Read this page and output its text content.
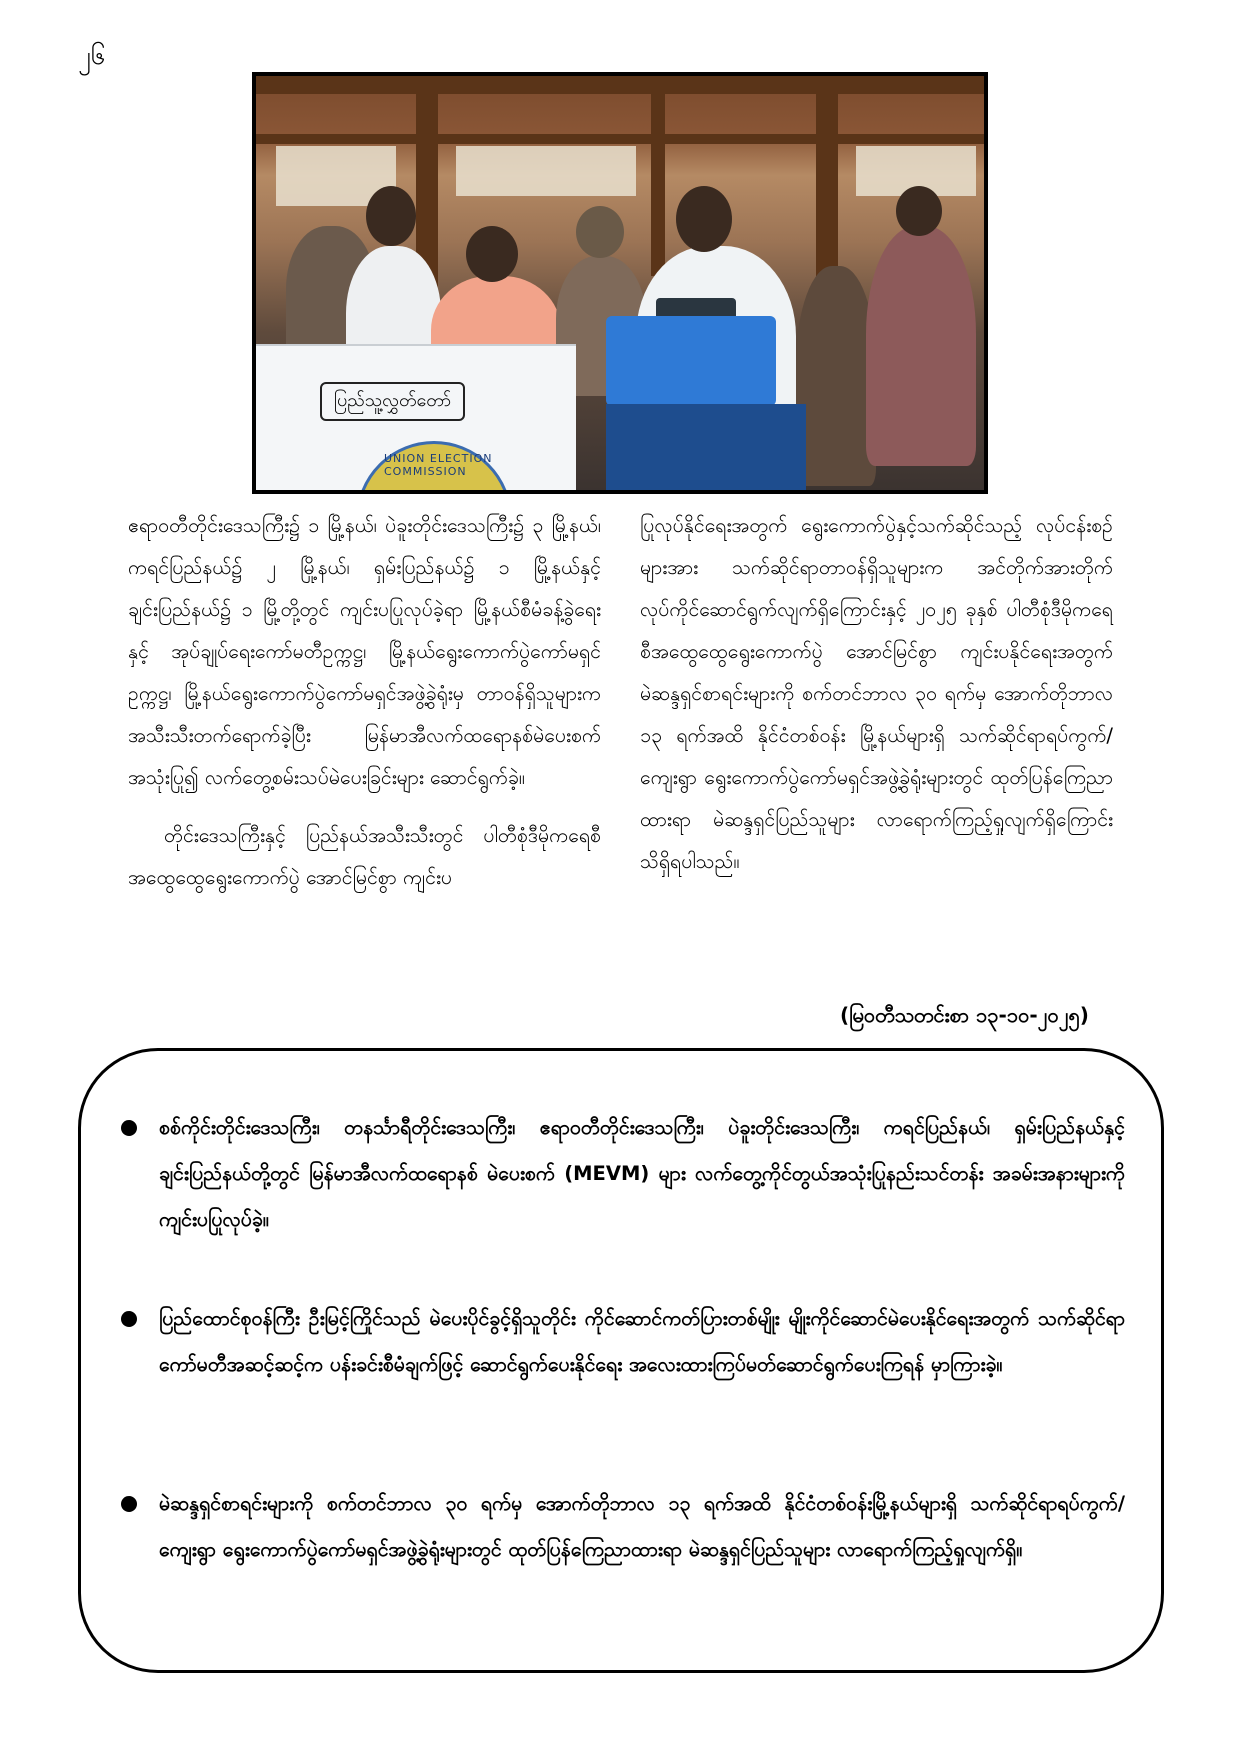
၂၆
ပြည်သူ့လွှတ်တော်
UNION ELECTION COMMISSION

ဧရာဝတီတိုင်းဒေသကြီး၌ ၁ မြို့နယ်၊ ပဲခူးတိုင်းဒေသကြီး၌ ၃ မြို့နယ်၊ ကရင်ပြည်နယ်၌ ၂ မြို့နယ်၊ ရှမ်းပြည်နယ်၌ ၁ မြို့နယ်နှင့် ချင်းပြည်နယ်၌ ၁ မြို့တို့တွင် ကျင်းပပြုလုပ်ခဲ့ရာ မြို့နယ်စီမံခန့်ခွဲရေးနှင့် အုပ်ချုပ်ရေးကော်မတီဥက္ကဋ္ဌ၊ မြို့နယ်ရွေးကောက်ပွဲကော်မရှင်ဥက္ကဋ္ဌ၊ မြို့နယ်ရွေးကောက်ပွဲကော်မရှင်အဖွဲ့ခွဲရုံးမှ တာဝန်ရှိသူများက အသီးသီးတက်ရောက်ခဲ့ပြီး မြန်မာအီလက်ထရောနစ်မဲပေးစက်အသုံးပြု၍ လက်တွေ့စမ်းသပ်မဲပေးခြင်းများ ဆောင်ရွက်ခဲ့။

တိုင်းဒေသကြီးနှင့် ပြည်နယ်အသီးသီးတွင် ပါတီစုံဒီမိုကရေစီအထွေထွေရွေးကောက်ပွဲ အောင်မြင်စွာ ကျင်းပ

ပြုလုပ်နိုင်ရေးအတွက် ရွေးကောက်ပွဲနှင့်သက်ဆိုင်သည့် လုပ်ငန်းစဉ်များအား သက်ဆိုင်ရာတာဝန်ရှိသူများက အင်တိုက်အားတိုက် လုပ်ကိုင်ဆောင်ရွက်လျက်ရှိကြောင်းနှင့် ၂၀၂၅ ခုနှစ် ပါတီစုံဒီမိုကရေစီအထွေထွေရွေးကောက်ပွဲ အောင်မြင်စွာ ကျင်းပနိုင်ရေးအတွက် မဲဆန္ဒရှင်စာရင်းများကို စက်တင်ဘာလ ၃၀ ရက်မှ အောက်တိုဘာလ ၁၃ ရက်အထိ နိုင်ငံတစ်ဝန်း မြို့နယ်များရှိ သက်ဆိုင်ရာရပ်ကွက်/ကျေးရွာ ရွေးကောက်ပွဲကော်မရှင်အဖွဲ့ခွဲရုံးများတွင် ထုတ်ပြန်ကြေညာထားရာ မဲဆန္ဒရှင်ပြည်သူများ လာရောက်ကြည့်ရှုလျက်ရှိကြောင်း သိရှိရပါသည်။

(မြဝတီသတင်းစာ ၁၃-၁၀-၂၀၂၅)
စစ်ကိုင်းတိုင်းဒေသကြီး၊ တနင်္သာရီတိုင်းဒေသကြီး၊ ဧရာဝတီတိုင်းဒေသကြီး၊ ပဲခူးတိုင်းဒေသကြီး၊ ကရင်ပြည်နယ်၊ ရှမ်းပြည်နယ်နှင့် ချင်းပြည်နယ်တို့တွင် မြန်မာအီလက်ထရောနစ် မဲပေးစက် (MEVM) များ လက်တွေ့ကိုင်တွယ်အသုံးပြုနည်းသင်တန်း အခမ်းအနားများကို ကျင်းပပြုလုပ်ခဲ့။
ပြည်ထောင်စုဝန်ကြီး ဦးမြင့်ကြိုင်သည် မဲပေးပိုင်ခွင့်ရှိသူတိုင်း ကိုင်ဆောင်ကတ်ပြားတစ်မျိုး မျိုးကိုင်ဆောင်မဲပေးနိုင်ရေးအတွက် သက်ဆိုင်ရာကော်မတီအဆင့်ဆင့်က ပန်းခင်းစီမံချက်ဖြင့် ဆောင်ရွက်ပေးနိုင်ရေး အလေးထားကြပ်မတ်ဆောင်ရွက်ပေးကြရန် မှာကြားခဲ့။
မဲဆန္ဒရှင်စာရင်းများကို စက်တင်ဘာလ ၃၀ ရက်မှ အောက်တိုဘာလ ၁၃ ရက်အထိ နိုင်ငံတစ်ဝန်းမြို့နယ်များရှိ သက်ဆိုင်ရာရပ်ကွက်/ကျေးရွာ ရွေးကောက်ပွဲကော်မရှင်အဖွဲ့ခွဲရုံးများတွင် ထုတ်ပြန်ကြေညာထားရာ မဲဆန္ဒရှင်ပြည်သူများ လာရောက်ကြည့်ရှုလျက်ရှိ။
